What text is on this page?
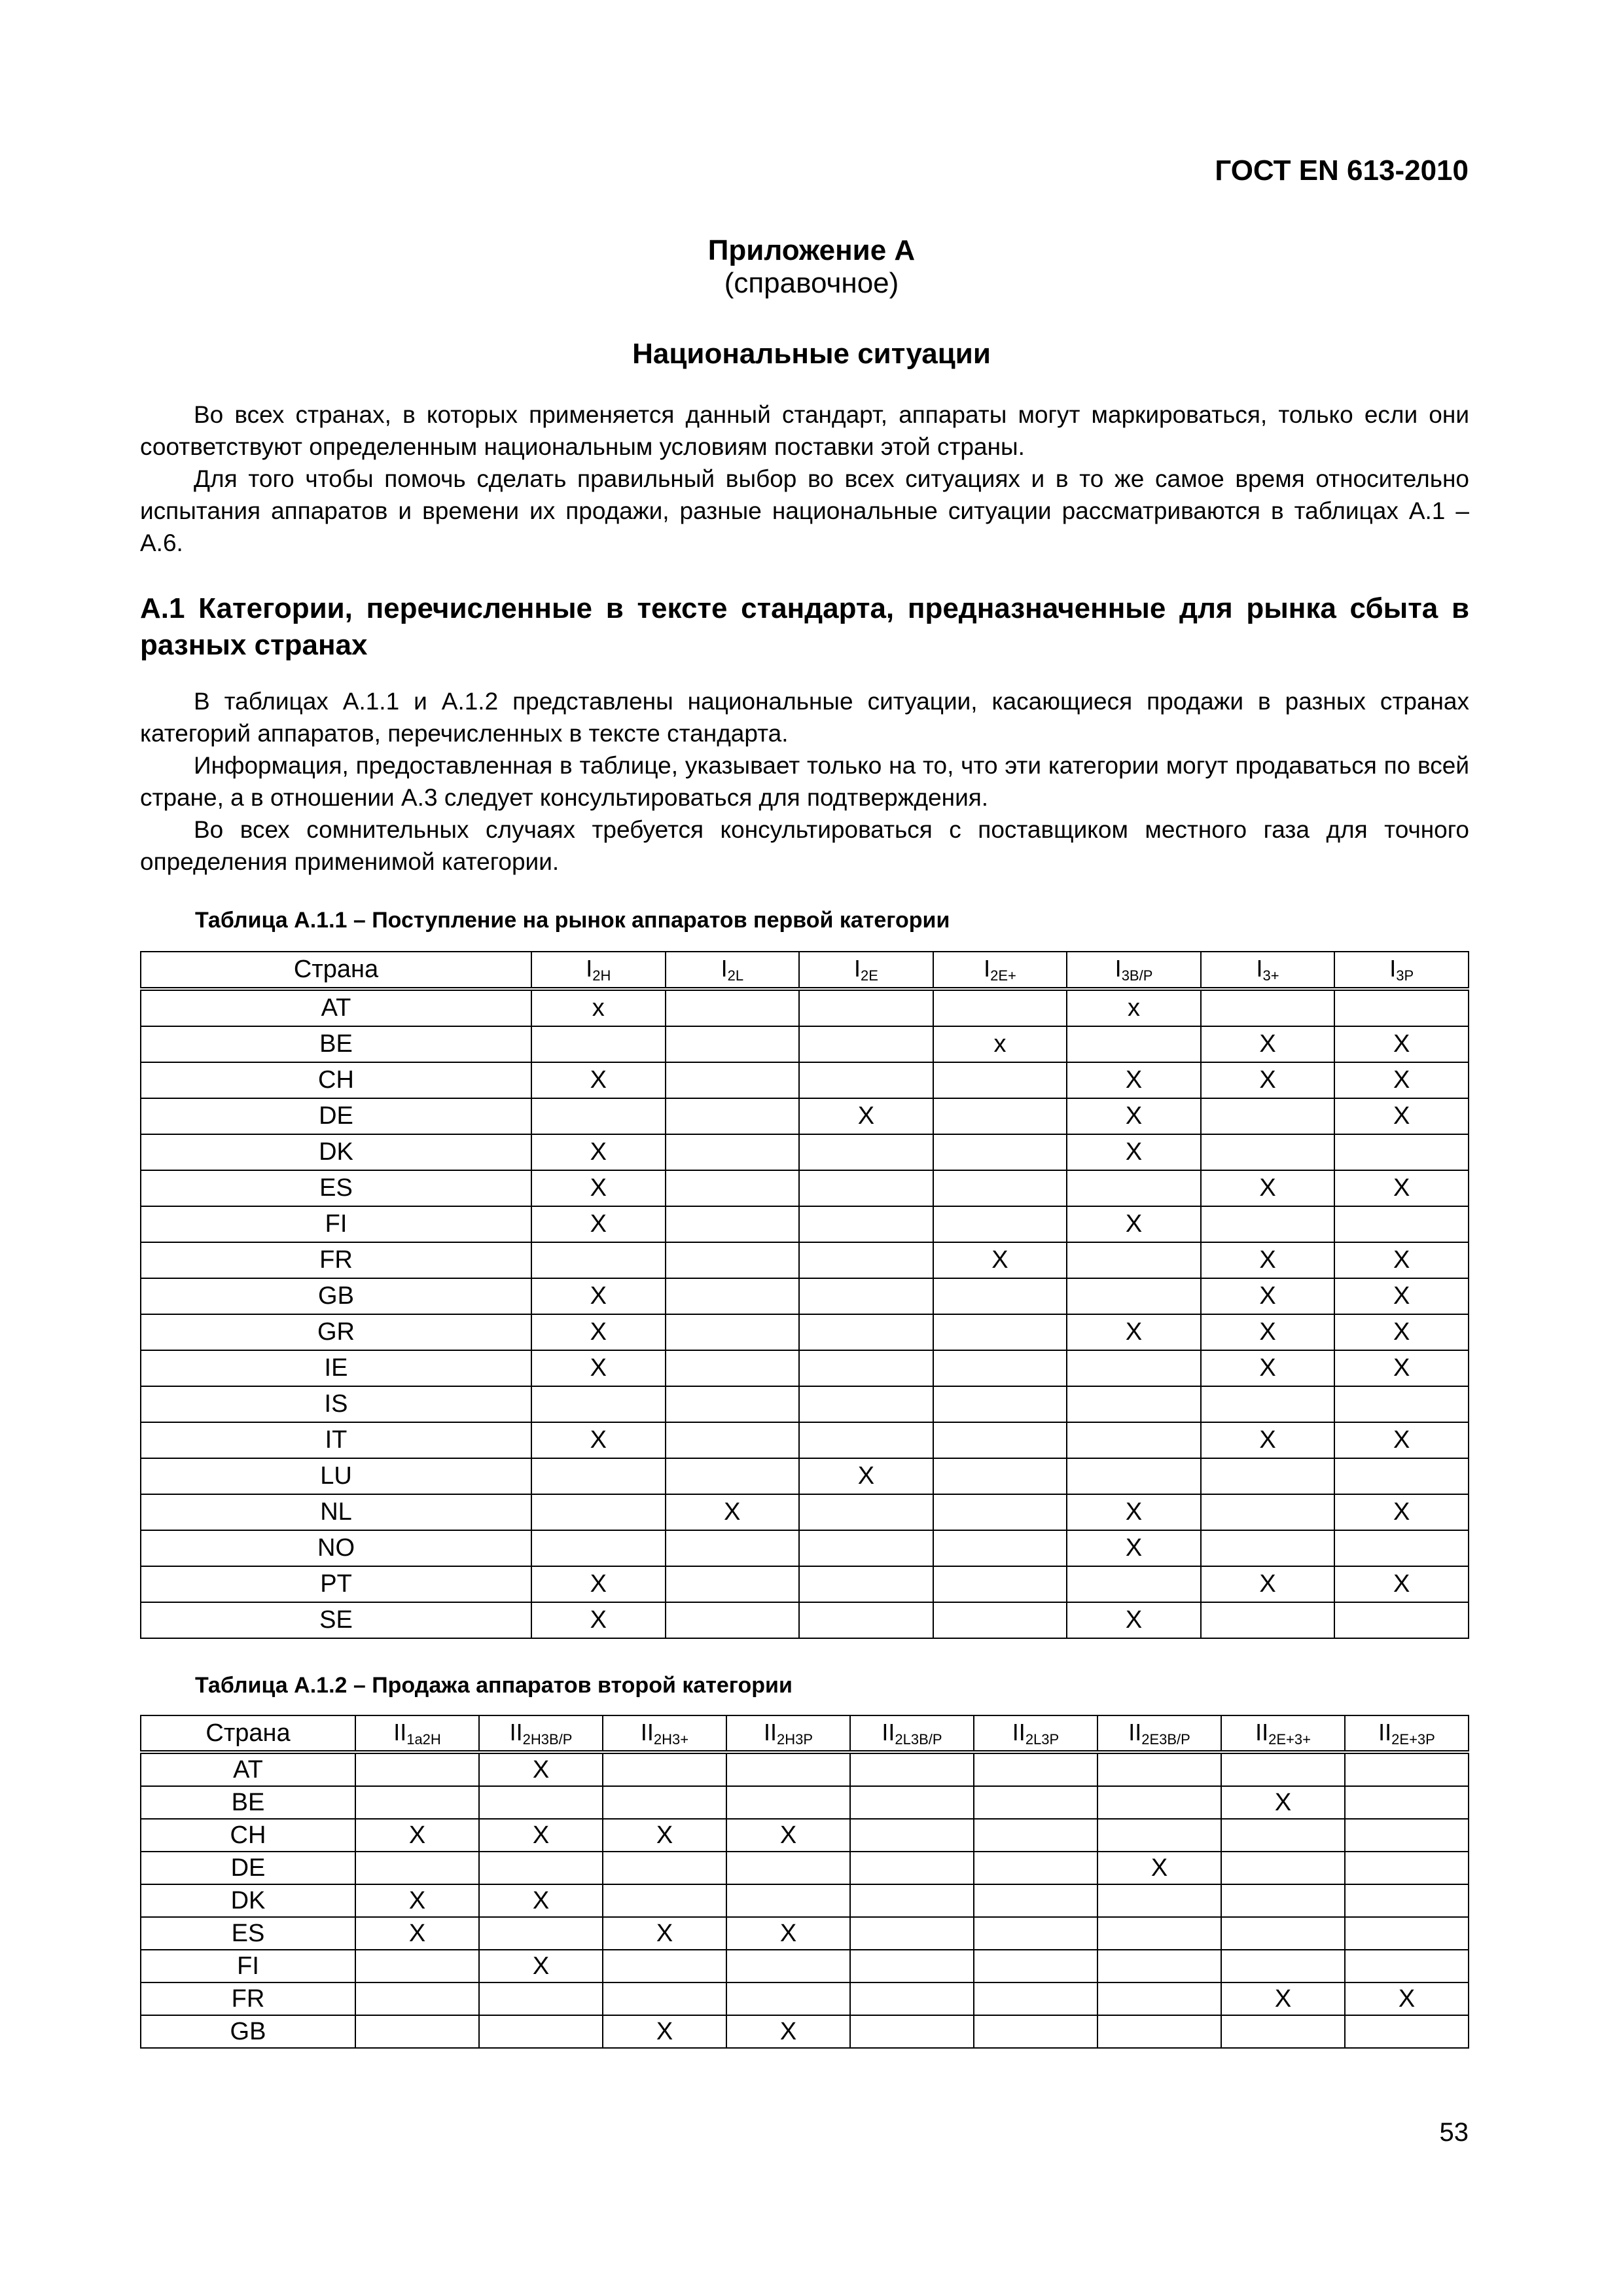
ГОСТ EN 613-2010
Приложение А
(справочное)
Национальные ситуации

Во всех странах, в которых применяется данный стандарт, аппараты могут маркироваться, только если они соответствуют определенным национальным условиям поставки этой страны.

Для того чтобы помочь сделать правильный выбор во всех ситуациях и в то же самое время относительно испытания аппаратов и времени их продажи, разные национальные ситуации рассматриваются в таблицах А.1 – А.6.

А.1 Категории, перечисленные в тексте стандарта, предназначенные для рынка сбыта в разных странах

В таблицах А.1.1 и А.1.2 представлены национальные ситуации, касающиеся продажи в разных странах категорий аппаратов, перечисленных в тексте стандарта.

Информация, предоставленная в таблице, указывает только на то, что эти категории могут продаваться по всей стране, а в отношении А.3 следует консультироваться для подтверждения.

Во всех сомнительных случаях требуется консультироваться с поставщиком местного газа для точного определения применимой категории.

Таблица А.1.1 – Поступление на рынок аппаратов первой категории
Страна	$I_{2H}$	$I_{2L}$	$I_{2E}$	$I_{2E+}$	$I_{3B/P}$	$I_{3+}$	$I_{3P}$
AT	x				x		
BE				x		X	X
CH	X				X	X	X
DE			X		X		X
DK	X				X		
ES	X					X	X
FI	X				X		
FR				X		X	X
GB	X					X	X
GR	X				X	X	X
IE	X					X	X
IS							
IT	X					X	X
LU			X				
NL		X			X		X
NO					X		
PT	X					X	X
SE	X				X		
Таблица А.1.2 – Продажа аппаратов второй категории
Страна	$II_{1a2H}$	$II_{2H3B/P}$	$II_{2H3+}$	$II_{2H3P}$	$II_{2L3B/P}$	$II_{2L3P}$	$II_{2E3B/P}$	$II_{2E+3+}$	$II_{2E+3P}$
AT		X							
BE								X	
CH	X	X	X	X					
DE							X		
DK	X	X							
ES	X		X	X					
FI		X							
FR								X	X
GB			X	X					
53
